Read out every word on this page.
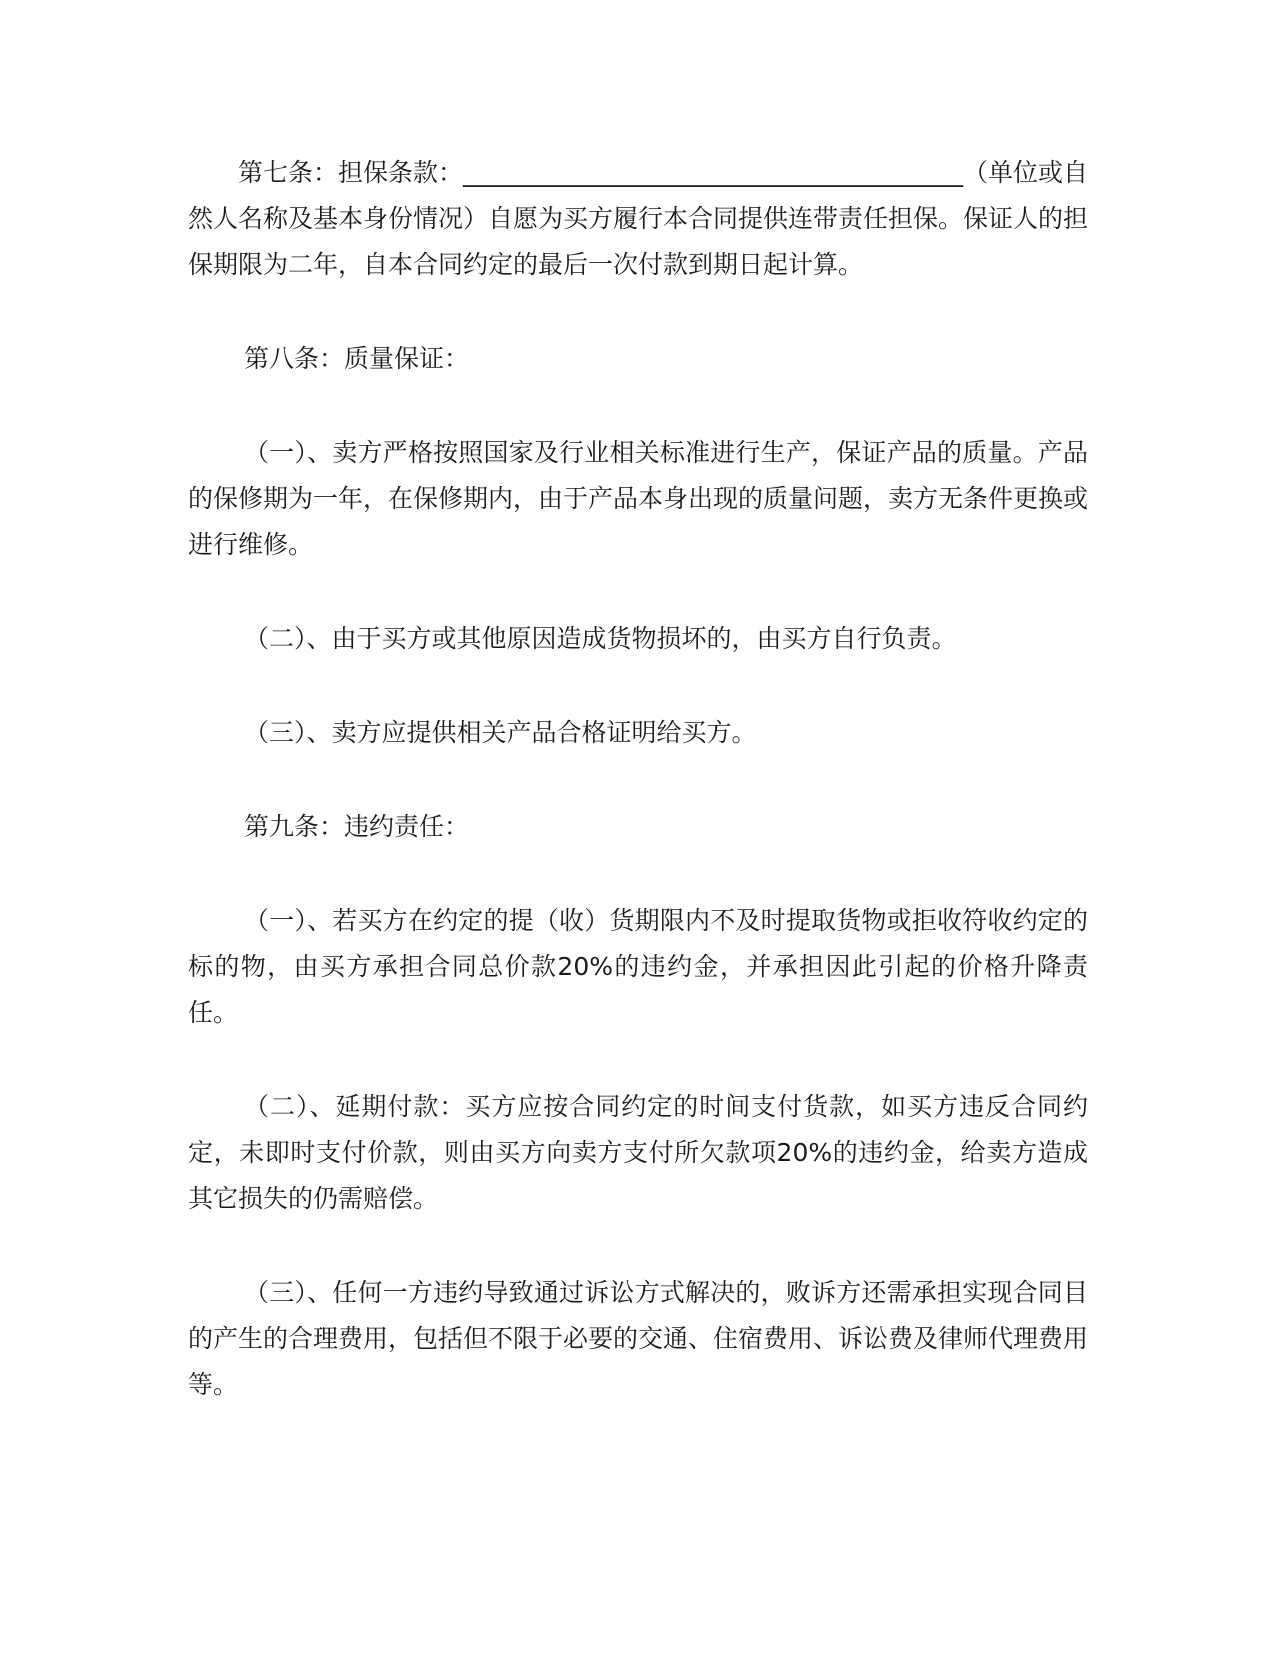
第七条：担保条款：________________________________________（单位或自然人名称及基本身份情况）自愿为买方履行本合同提供连带责任担保。保证人的担保期限为二年，自本合同约定的最后一次付款到期日起计算。

第八条：质量保证：

（一）、卖方严格按照国家及行业相关标准进行生产，保证产品的质量。产品的保修期为一年，在保修期内，由于产品本身出现的质量问题，卖方无条件更换或进行维修。

（二）、由于买方或其他原因造成货物损坏的，由买方自行负责。

（三）、卖方应提供相关产品合格证明给买方。

第九条：违约责任：

（一）、若买方在约定的提（收）货期限内不及时提取货物或拒收符收约定的标的物，由买方承担合同总价款20%的违约金，并承担因此引起的价格升降责任。

（二）、延期付款：买方应按合同约定的时间支付货款，如买方违反合同约定，未即时支付价款，则由买方向卖方支付所欠款项20%的违约金，给卖方造成其它损失的仍需赔偿。

（三）、任何一方违约导致通过诉讼方式解决的，败诉方还需承担实现合同目的产生的合理费用，包括但不限于必要的交通、住宿费用、诉讼费及律师代理费用等。
